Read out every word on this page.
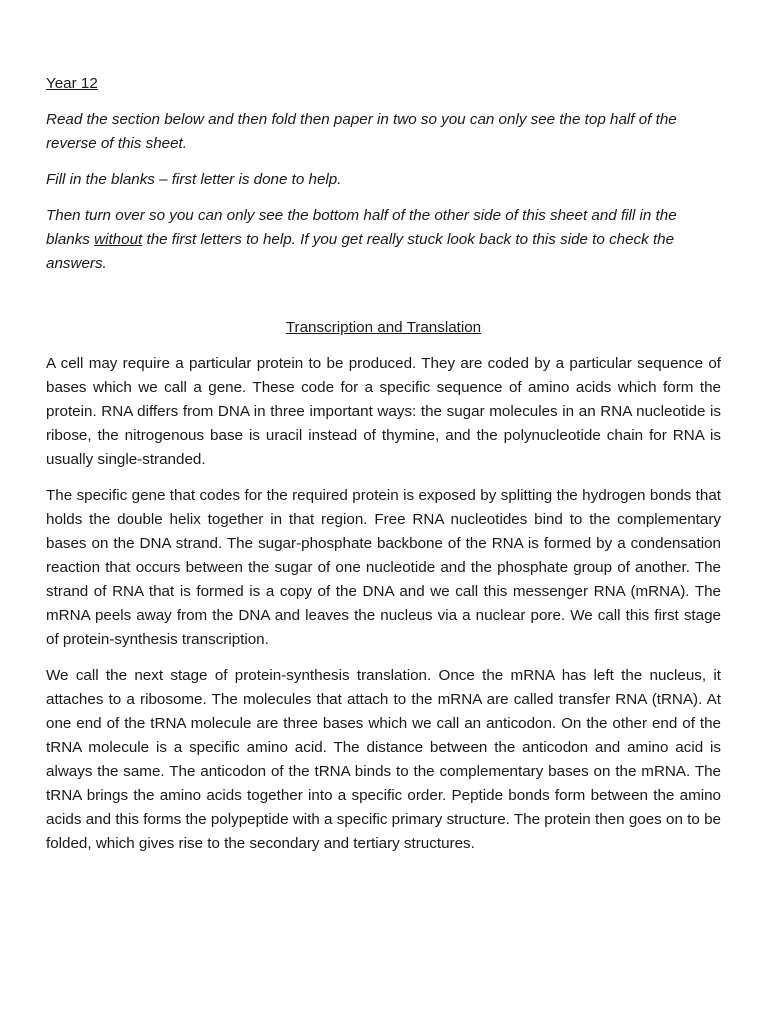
Year 12

Read the section below and then fold then paper in two so you can only see the top half of the reverse of this sheet.

Fill in the blanks – first letter is done to help.

Then turn over so you can only see the bottom half of the other side of this sheet and fill in the blanks without the first letters to help. If you get really stuck look back to this side to check the answers.

Transcription and Translation

A cell may require a particular protein to be produced. They are coded by a particular sequence of bases which we call a gene. These code for a specific sequence of amino acids which form the protein. RNA differs from DNA in three important ways: the sugar molecules in an RNA nucleotide is ribose, the nitrogenous base is uracil instead of thymine, and the polynucleotide chain for RNA is usually single-stranded.

The specific gene that codes for the required protein is exposed by splitting the hydrogen bonds that holds the double helix together in that region. Free RNA nucleotides bind to the complementary bases on the DNA strand. The sugar-phosphate backbone of the RNA is formed by a condensation reaction that occurs between the sugar of one nucleotide and the phosphate group of another. The strand of RNA that is formed is a copy of the DNA and we call this messenger RNA (mRNA). The mRNA peels away from the DNA and leaves the nucleus via a nuclear pore. We call this first stage of protein-synthesis transcription.

We call the next stage of protein-synthesis translation. Once the mRNA has left the nucleus, it attaches to a ribosome. The molecules that attach to the mRNA are called transfer RNA (tRNA). At one end of the tRNA molecule are three bases which we call an anticodon. On the other end of the tRNA molecule is a specific amino acid. The distance between the anticodon and amino acid is always the same. The anticodon of the tRNA binds to the complementary bases on the mRNA. The tRNA brings the amino acids together into a specific order. Peptide bonds form between the amino acids and this forms the polypeptide with a specific primary structure. The protein then goes on to be folded, which gives rise to the secondary and tertiary structures.
